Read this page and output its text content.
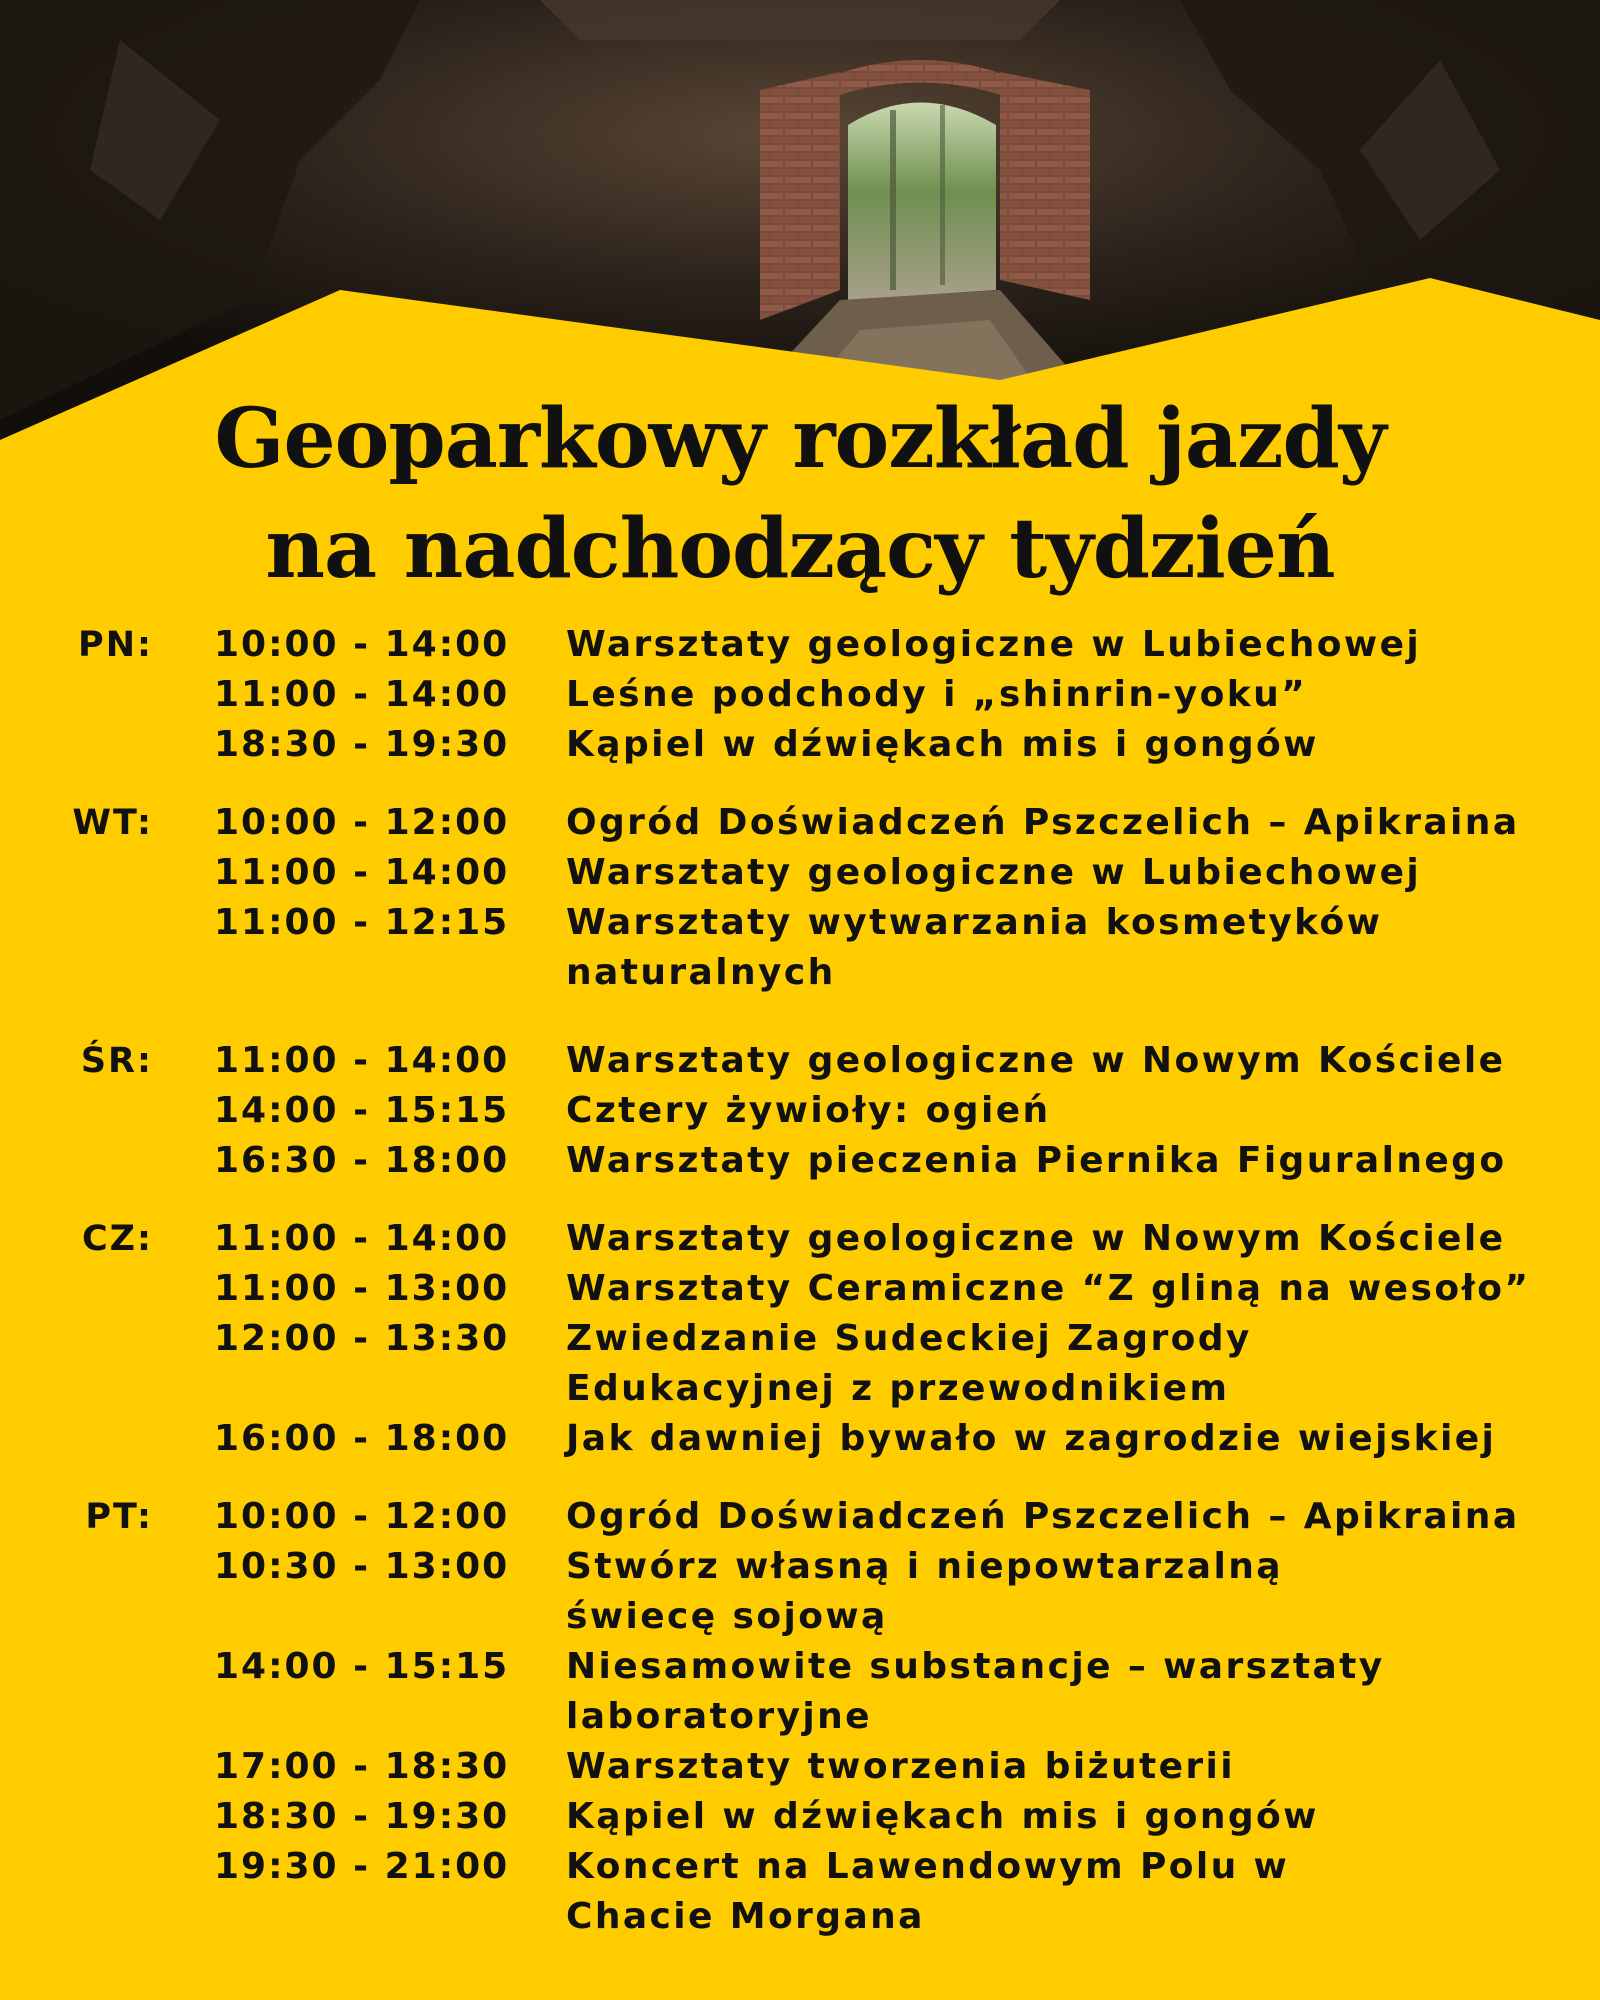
Geoparkowy rozkład jazdy
na nadchodzący tydzień
PN: 10:00 - 14:00 Warsztaty geologiczne w Lubiechowej
11:00 - 14:00 Leśne podchody i „shinrin-yoku”
18:30 - 19:30 Kąpiel w dźwiękach mis i gongów
WT: 10:00 - 12:00 Ogród Doświadczeń Pszczelich – Apikraina
11:00 - 14:00 Warsztaty geologiczne w Lubiechowej
11:00 - 12:15 Warsztaty wytwarzania kosmetyków naturalnych
ŚR: 11:00 - 14:00 Warsztaty geologiczne w Nowym Kościele
14:00 - 15:15 Cztery żywioły: ogień
16:30 - 18:00 Warsztaty pieczenia Piernika Figuralnego
CZ: 11:00 - 14:00 Warsztaty geologiczne w Nowym Kościele
11:00 - 13:00 Warsztaty Ceramiczne “Z gliną na wesoło”
12:00 - 13:30 Zwiedzanie Sudeckiej Zagrody Edukacyjnej z przewodnikiem
16:00 - 18:00 Jak dawniej bywało w zagrodzie wiejskiej
PT: 10:00 - 12:00 Ogród Doświadczeń Pszczelich – Apikraina
10:30 - 13:00 Stwórz własną i niepowtarzalną świecę sojową
14:00 - 15:15 Niesamowite substancje – warsztaty laboratoryjne
17:00 - 18:30 Warsztaty tworzenia biżuterii
18:30 - 19:30 Kąpiel w dźwiękach mis i gongów
19:30 - 21:00 Koncert na Lawendowym Polu w Chacie Morgana
